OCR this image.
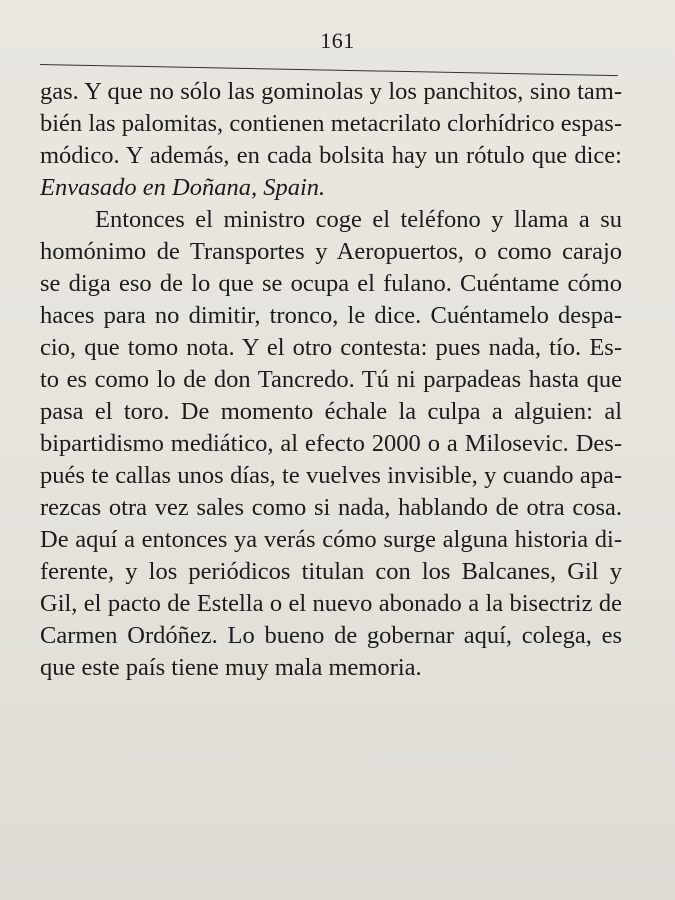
161
gas. Y que no sólo las gominolas y los panchitos, sino tam-
bién las palomitas, contienen metacrilato clorhídrico espas-
módico. Y además, en cada bolsita hay un rótulo que dice:
Envasado en Doñana, Spain.
Entonces el ministro coge el teléfono y llama a su
homónimo de Transportes y Aeropuertos, o como carajo
se diga eso de lo que se ocupa el fulano. Cuéntame cómo
haces para no dimitir, tronco, le dice. Cuéntamelo despa-
cio, que tomo nota. Y el otro contesta: pues nada, tío. Es-
to es como lo de don Tancredo. Tú ni parpadeas hasta que
pasa el toro. De momento échale la culpa a alguien: al
bipartidismo mediático, al efecto 2000 o a Milosevic. Des-
pués te callas unos días, te vuelves invisible, y cuando apa-
rezcas otra vez sales como si nada, hablando de otra cosa.
De aquí a entonces ya verás cómo surge alguna historia di-
ferente, y los periódicos titulan con los Balcanes, Gil y
Gil, el pacto de Estella o el nuevo abonado a la bisectriz de
Carmen Ordóñez. Lo bueno de gobernar aquí, colega, es
que este país tiene muy mala memoria.
